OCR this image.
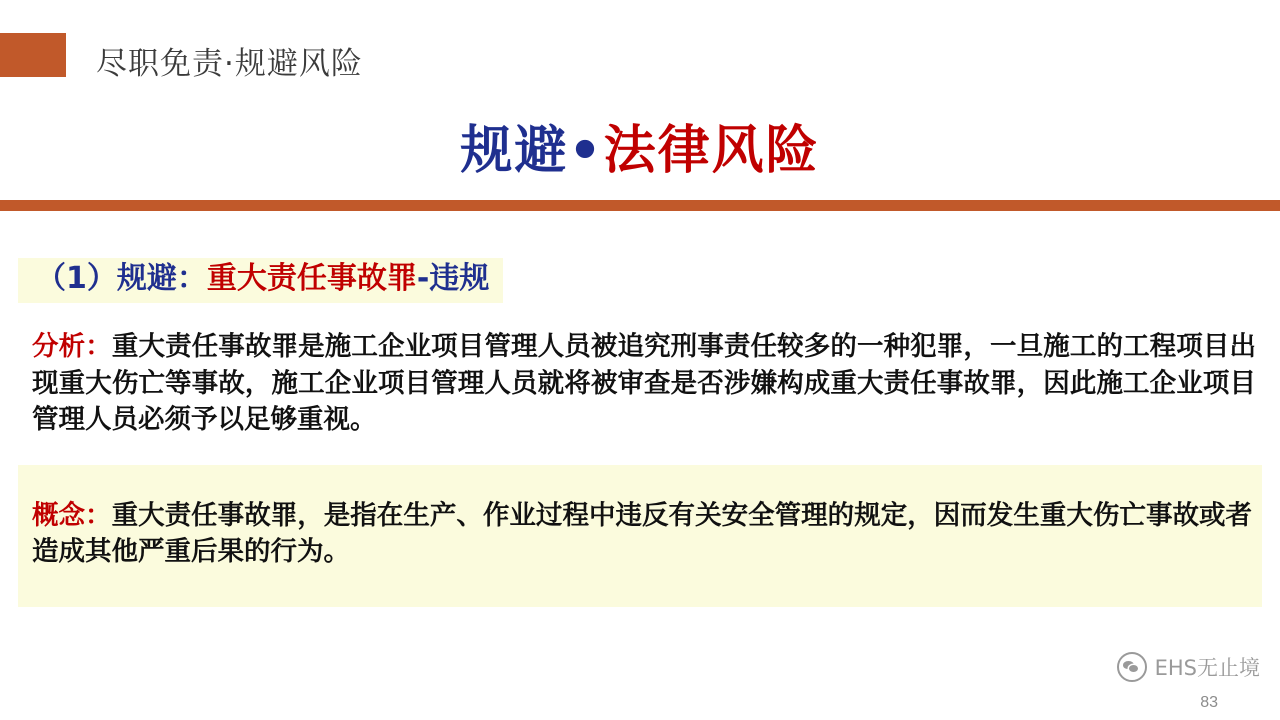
尽职免责·规避风险
规避•法律风险
（1）规避：重大责任事故罪-违规

分析：重大责任事故罪是施工企业项目管理人员被追究刑事责任较多的一种犯罪，一旦施工的工程项目出现重大伤亡等事故，施工企业项目管理人员就将被审查是否涉嫌构成重大责任事故罪，因此施工企业项目管理人员必须予以足够重视。

概念：重大责任事故罪，是指在生产、作业过程中违反有关安全管理的规定，因而发生重大伤亡事故或者造成其他严重后果的行为。

EHS无止境
83
